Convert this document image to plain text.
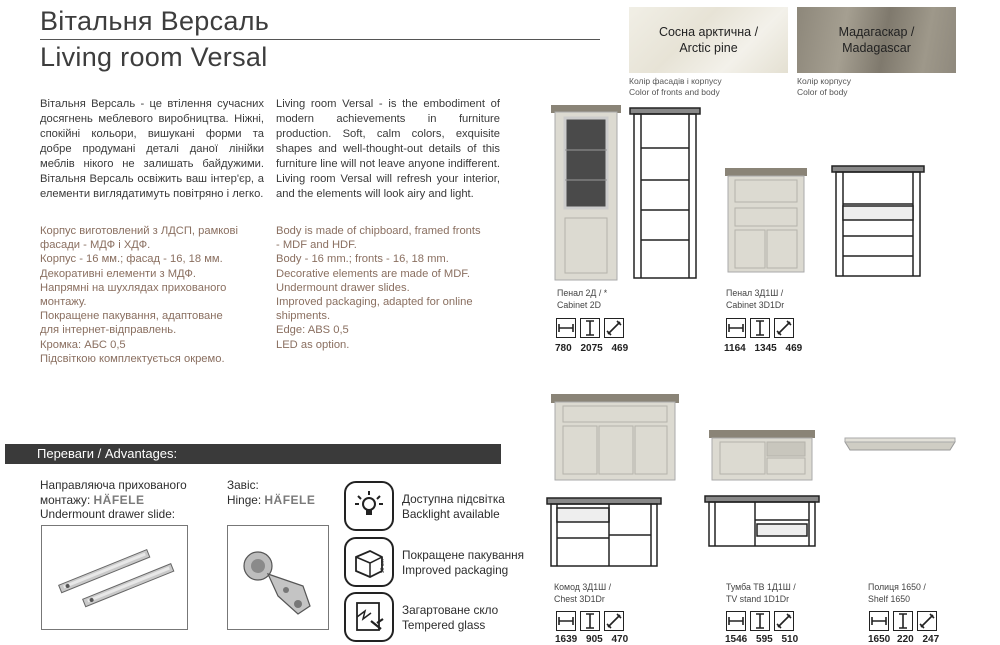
Вітальня Версаль
Living room Versal
Сосна арктична /
Arctic pine
Колір фасадів і корпусу
Color of fronts and body
Мадагаскар /
Madagascar
Колір корпусу
Color of body
Вітальня Версаль - це втілення сучасних досягнень меблевого виробництва. Ніжні, спокійні кольори, вишукані форми та добре продумані деталі даної лінійки меблів нікого не залишать байдужими. Вітальня Версаль освіжить ваш інтер'єр, а елементи виглядатимуть повітряно і легко.
Living room Versal - is the embodiment of modern achievements in furniture production. Soft, calm colors, exquisite shapes and well-thought-out details of this furniture line will not leave anyone indifferent. Living room Versal will refresh your interior, and the elements will look airy and light.
Корпус виготовлений з ЛДСП, рамкові
фасади - МДФ і ХДФ.
Корпус - 16 мм.; фасад - 16, 18 мм.
Декоративні елементи з МДФ.
Напрямні на шухлядах прихованого
монтажу.
Покращене пакування, адаптоване
для інтернет-відправлень.
Кромка: АБС 0,5
Підсвіткою комплектується окремо.
Body is made of chipboard, framed fronts
- MDF and HDF.
Body - 16 mm.; fronts - 16, 18 mm.
Decorative elements are made of MDF.
Undermount drawer slides.
Improved packaging, adapted for online
shipments.
Edge: ABS 0,5
LED as option.
Переваги / Advantages:
Направляюча прихованого
монтажу: HÄFELE
Undermount drawer slide:
Завіс:
Hinge: HÄFELE	Доступна підсвітка
Backlight available
90 cm
Покращене пакування
Improved packaging
Загартоване скло
Tempered glass
Пенал 2Д / *
Cabinet 2D
Пенал 3Д1Ш /
Cabinet 3D1Dr
780 2075 469	1164 1345 469
Комод 3Д1Ш /
Chest 3D1Dr
Тумба ТВ 1Д1Ш /
TV stand 1D1Dr
Полиця 1650 /
Shelf 1650
1639 905 470	1546 595 510	1650 220 247
